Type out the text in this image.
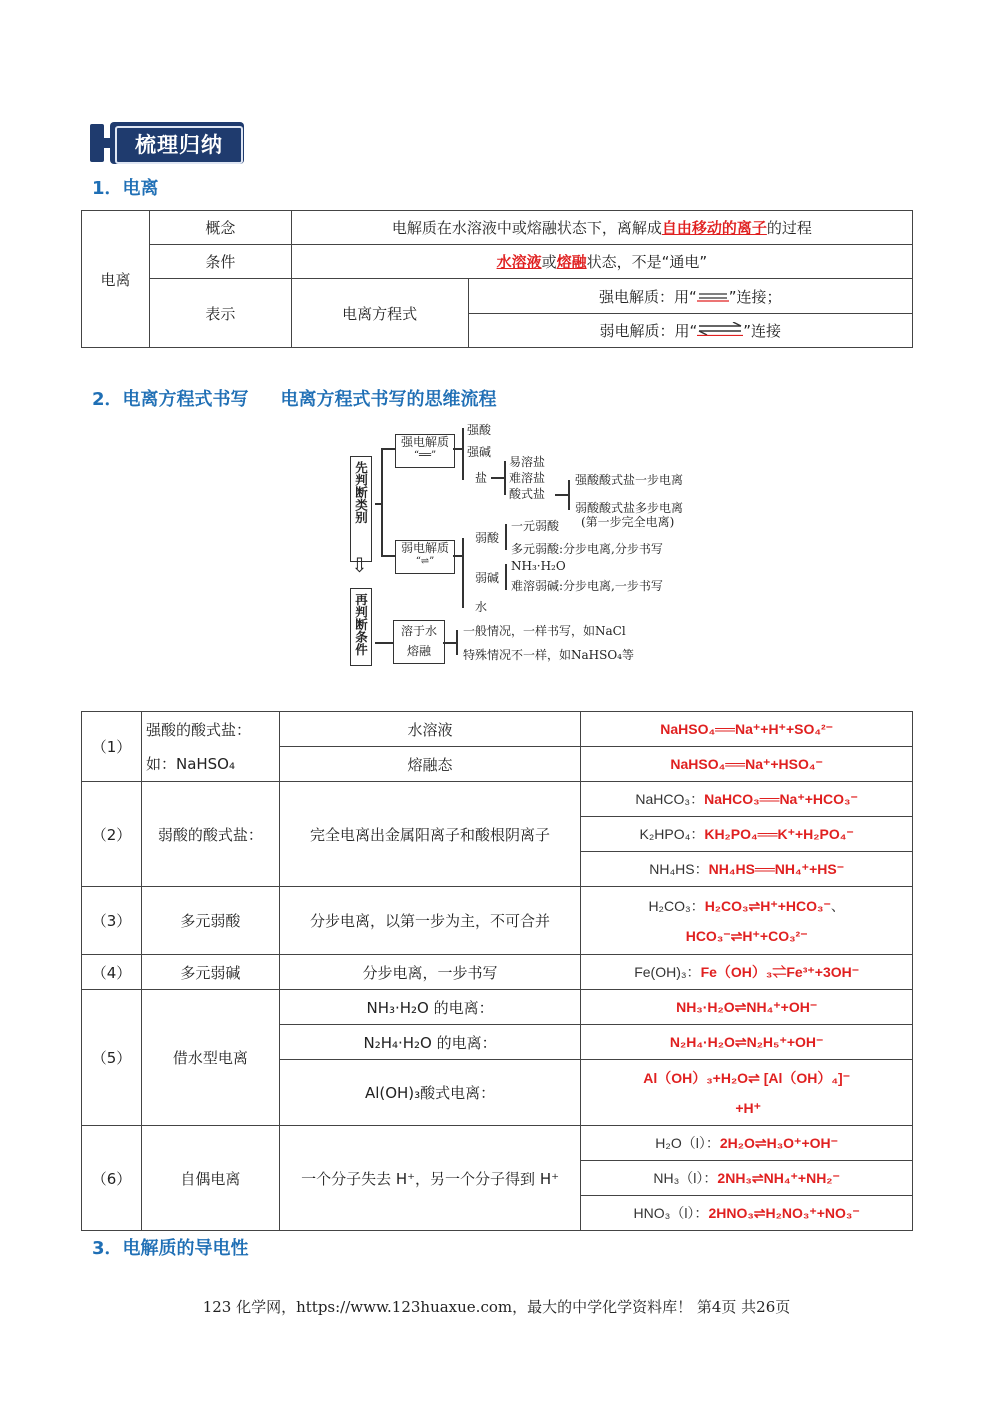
梳理归纳
1．电离
电离	概念	电解质在水溶液中或熔融状态下，离解成自由移动的离子的过程	
	条件	水溶液或熔融状态，不是“通电”	
	表示	电离方程式	强电解质：用“ ”连接；
			弱电解质：用“ ”连接
2．电离方程式书写 电离方程式书写的思维流程
先判断类别
⇩
再判断条件
强电解质
“══”
弱电解质
“⇌”
强酸
强碱
盐
易溶盐
难溶盐
酸式盐
强酸酸式盐一步电离
弱酸酸式盐多步电离
(第一步完全电离)
弱酸
一元弱酸
多元弱酸:分步电离,分步书写
弱碱
NH₃·H₂O
难溶弱碱:分步电离,一步书写
水
溶于水
熔融
一般情况，一样书写，如NaCl
特殊情况不一样，如NaHSO₄等
（1）	强酸的酸式盐：
如：NaHSO₄	水溶液	NaHSO₄══Na⁺+H⁺+SO₄²⁻
		熔融态	NaHSO₄══Na⁺+HSO₄⁻
（2）	弱酸的酸式盐：	完全电离出金属阳离子和酸根阴离子	NaHCO₃：NaHCO₃══Na⁺+HCO₃⁻
			K₂HPO₄：KH₂PO₄══K⁺+H₂PO₄⁻
			NH₄HS：NH₄HS══NH₄⁺+HS⁻
（3）	多元弱酸	分步电离，以第一步为主，不可合并	H₂CO₃：H₂CO₃⇌H⁺+HCO₃⁻、
HCO₃⁻⇌H⁺+CO₃²⁻

（4）	多元弱碱	分步电离，一步书写	Fe(OH)₃：Fe（OH）₃⇌Fe³⁺+3OH⁻
（5）	借水型电离	NH₃·H₂O 的电离：	NH₃·H₂O⇌NH₄⁺+OH⁻
		N₂H₄·H₂O 的电离：	N₂H₄·H₂O⇌N₂H₅⁺+OH⁻
		Al(OH)₃酸式电离：	Al（OH）₃+H₂O⇌ [Al（OH）₄]⁻
+H⁺

（6）	自偶电离	一个分子失去 H⁺，另一个分子得到 H⁺	H₂O（l）：2H₂O⇌H₃O⁺+OH⁻
			NH₃（l）：2NH₃⇌NH₄⁺+NH₂⁻
			HNO₃（l）：2HNO₃⇌H₂NO₃⁺+NO₃⁻
3．电解质的导电性
123 化学网，https://www.123huaxue.com，最大的中学化学资料库！ 第4页 共26页
